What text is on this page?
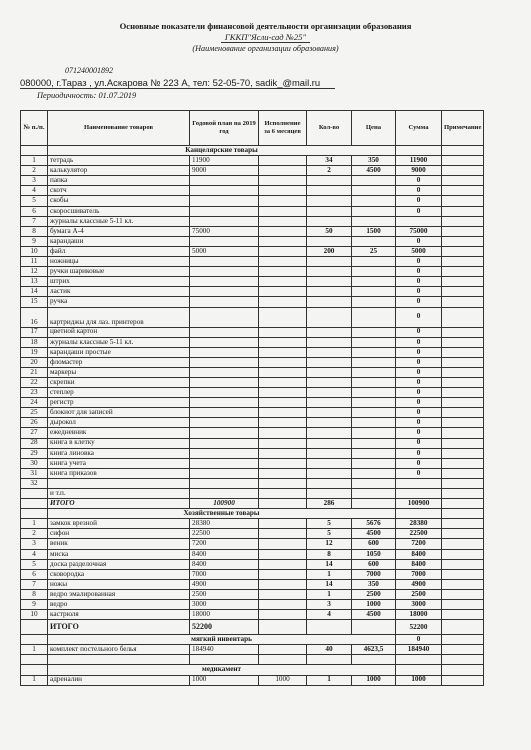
Основные показатели финансовой деятельности организации образования
ГККП"Ясли-сад №25"
(Наименование организации образования)
071240001892
080000, г.Тараз , ул.Аскарова № 223 А, тел: 52-05-70, sadik_@mail.ru
Периодичность: 01.07.2019
№ п./п.	Наименование товаров	Годовой план на 2019 год	Исполнение за 6 месяцев	Кол-во	Цена	Сумма	Примечание
	Канцелярские товары						
1	тетрадь	11900		34	350	11900	
2	калькулятор	9000		2	4500	9000	
3	папка					0	
4	скотч					0	
5	скобы					0	
6	скоросшиватель					0	
7	журналы классные 5-11 кл.						
8	бумага А-4	75000		50	1500	75000	
9	карандаши					0	
10	файл	5000		200	25	5000	
11	ножницы					0	
12	ручки шариковые					0	
13	штрих					0	
14	ластик					0	
15	ручка					0	
16	картриджы для лаз. принтеров					0	
17	цветной картон					0	
18	журналы классные 5-11 кл.					0	
19	карандаши простые					0	
20	фломастер					0	
21	маркеры					0	
22	скрепки					0	
23	степлер					0	
24	регистр					0	
25	блокнот для записей					0	
26	дырокол					0	
27	ежедневник					0	
28	книга в клетку					0	
29	книга линовка					0	
30	книга учета					0	
31	книга приказов					0	
32							
	и т.п.						
	ИТОГО	100900		286		100900	
	Хозяйственные товары						
1	замкок врезной	28380		5	5676	28380	
2	сифон	22500		5	4500	22500	
3	веник	7200		12	600	7200	
4	миска	8400		8	1050	8400	
5	доска разделочная	8400		14	600	8400	
6	сковородка	7000		1	7000	7000	
7	ножы	4900		14	350	4900	
8	ведро эмалированная	2500		1	2500	2500	
9	ведро	3000		3	1000	3000	
10	кастрюля	18000		4	4500	18000	
	ИТОГО	52200				52200	
	мягкий инвентарь					0	
1	комплект постельного белья	184940		40	4623,5	184940	

	медикамент						
1	адреналин	1000	1000	1	1000	1000	
